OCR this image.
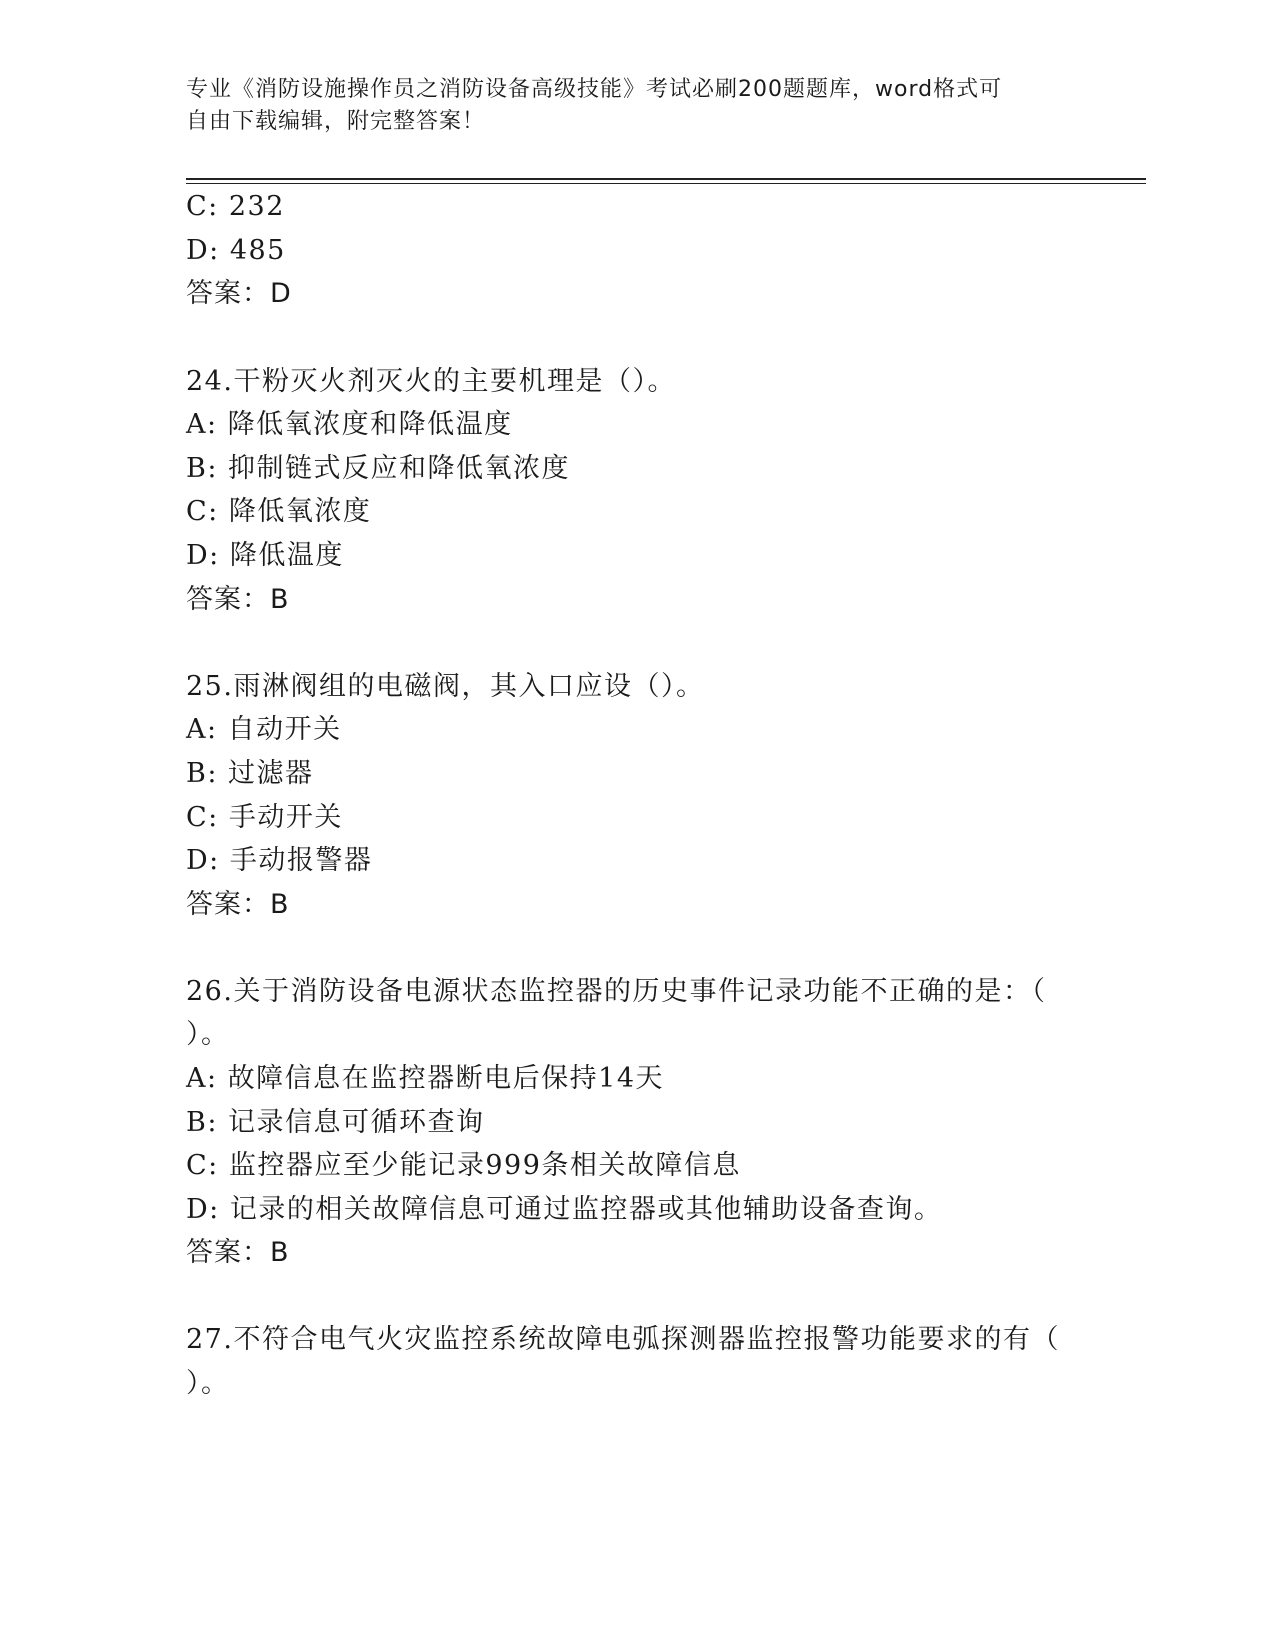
专业《消防设施操作员之消防设备高级技能》考试必刷200题题库，word格式可
自由下载编辑，附完整答案！
C: 232
D: 485
答案：D
24.干粉灭火剂灭火的主要机理是（）。
A: 降低氧浓度和降低温度
B: 抑制链式反应和降低氧浓度
C: 降低氧浓度
D: 降低温度
答案：B
25.雨淋阀组的电磁阀，其入口应设（）。
A: 自动开关
B: 过滤器
C: 手动开关
D: 手动报警器
答案：B
26.关于消防设备电源状态监控器的历史事件记录功能不正确的是：（
）。
A: 故障信息在监控器断电后保持14天
B: 记录信息可循环查询
C: 监控器应至少能记录999条相关故障信息
D: 记录的相关故障信息可通过监控器或其他辅助设备查询。
答案：B
27.不符合电气火灾监控系统故障电弧探测器监控报警功能要求的有（
）。
